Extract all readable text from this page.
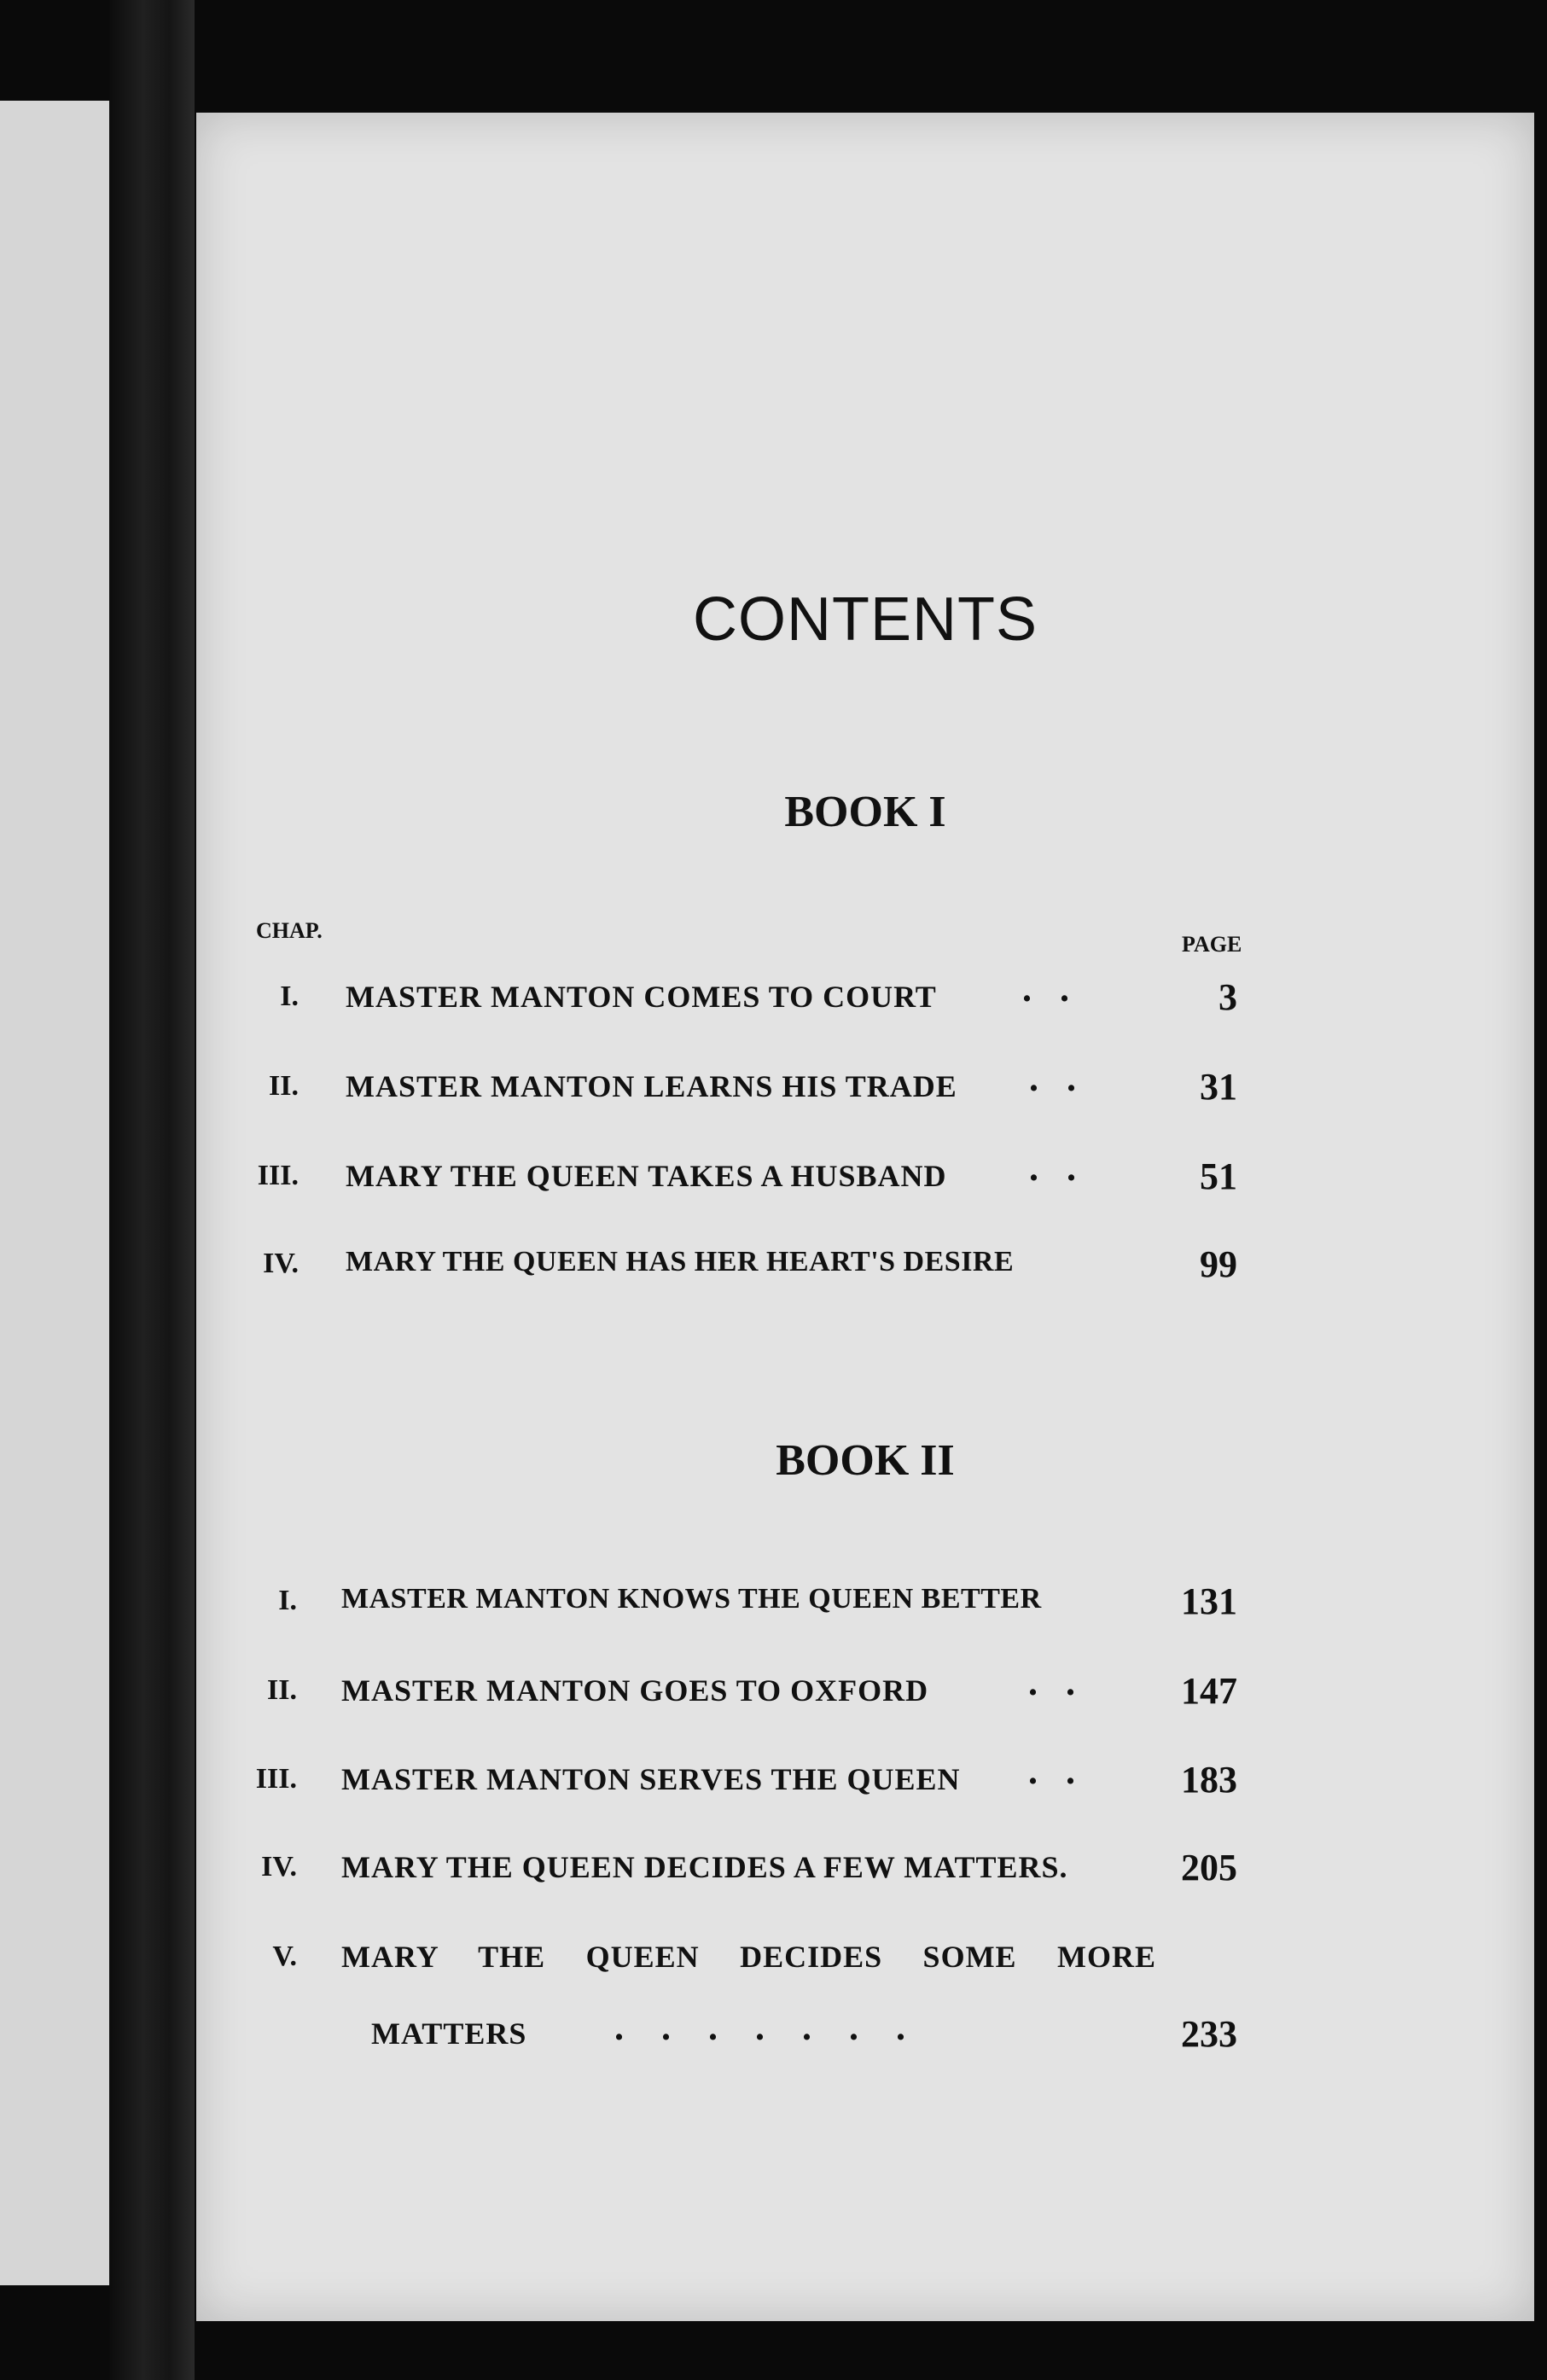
CONTENTS
BOOK I
CHAP.
PAGE
I. MASTER MANTON COMES TO COURT .   .	3
II. MASTER MANTON LEARNS HIS TRADE .   .	31
III. MARY THE QUEEN TAKES A HUSBAND .   .	51
IV. MARY THE QUEEN HAS HER HEART'S DESIRE	99
BOOK II
I. MASTER MANTON KNOWS THE QUEEN BETTER	131
II. MASTER MANTON GOES TO OXFORD	.   .	147
III. MASTER MANTON SERVES THE QUEEN .   .	183
IV. MARY THE QUEEN DECIDES A FEW MATTERS.	205
V. MARY THE QUEEN DECIDES SOME MORE
MATTERS .    .    .    .    .    .    .	233
